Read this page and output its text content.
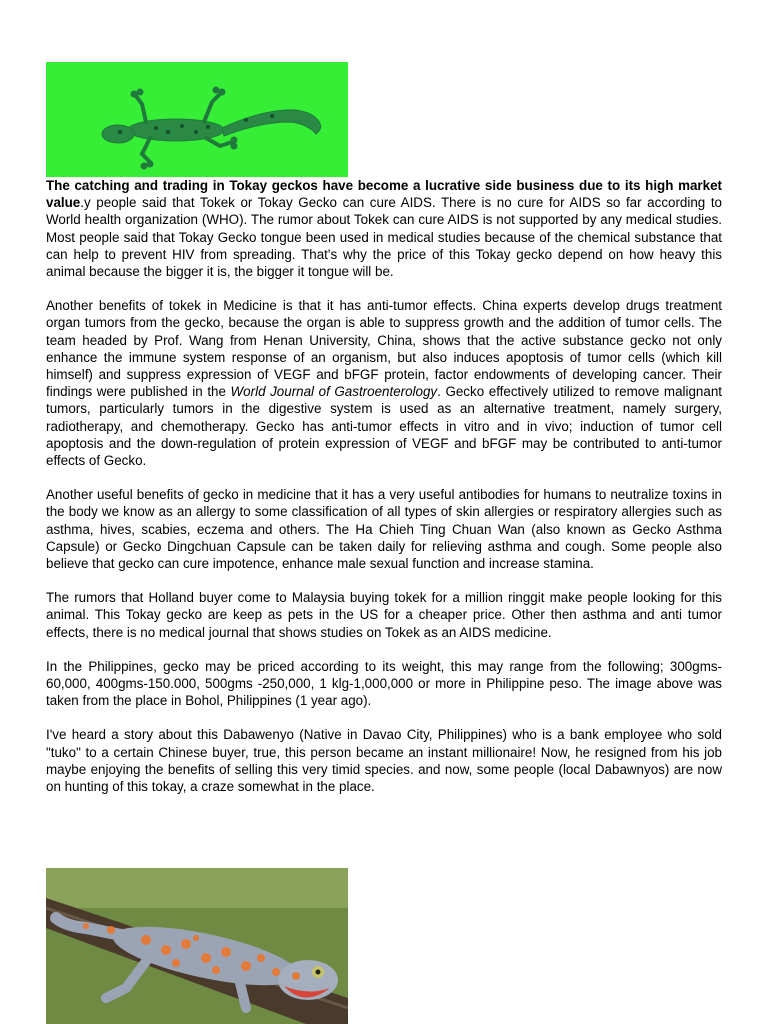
The catching and trading in Tokay geckos have become a lucrative side business due to its high market value.y people said that Tokek or Tokay Gecko can cure AIDS. There is no cure for AIDS so far according to World health organization (WHO). The rumor about Tokek can cure AIDS is not supported by any medical studies. Most people said that Tokay Gecko tongue been used in medical studies because of the chemical substance that can help to prevent HIV from spreading. That's why the price of this Tokay gecko depend on how heavy this animal because the bigger it is, the bigger it tongue will be.

Another benefits of tokek in Medicine is that it has anti-tumor effects. China experts develop drugs treatment organ tumors from the gecko, because the organ is able to suppress growth and the addition of tumor cells. The team headed by Prof. Wang from Henan University, China, shows that the active substance gecko not only enhance the immune system response of an organism, but also induces apoptosis of tumor cells (which kill himself) and suppress expression of VEGF and bFGF protein, factor endowments of developing cancer. Their findings were published in the World Journal of Gastroenterology. Gecko effectively utilized to remove malignant tumors, particularly tumors in the digestive system is used as an alternative treatment, namely surgery, radiotherapy, and chemotherapy. Gecko has anti-tumor effects in vitro and in vivo; induction of tumor cell apoptosis and the down-regulation of protein expression of VEGF and bFGF may be contributed to anti-tumor effects of Gecko.

Another useful benefits of gecko in medicine that it has a very useful antibodies for humans to neutralize toxins in the body we know as an allergy to some classification of all types of skin allergies or respiratory allergies such as asthma, hives, scabies, eczema and others. The Ha Chieh Ting Chuan Wan (also known as Gecko Asthma Capsule) or Gecko Dingchuan Capsule can be taken daily for relieving asthma and cough. Some people also believe that gecko can cure impotence, enhance male sexual function and increase stamina.

The rumors that Holland buyer come to Malaysia buying tokek for a million ringgit make people looking for this animal. This Tokay gecko are keep as pets in the US for a cheaper price. Other then asthma and anti tumor effects, there is no medical journal that shows studies on Tokek as an AIDS medicine.

In the Philippines, gecko may be priced according to its weight, this may range from the following; 300gms-60,000, 400gms-150.000, 500gms -250,000, 1 klg-1,000,000 or more in Philippine peso. The image above was taken from the place in Bohol, Philippines (1 year ago).

I've heard a story about this Dabawenyo (Native in Davao City, Philippines) who is a bank employee who sold "tuko" to a certain Chinese buyer, true, this person became an instant millionaire! Now, he resigned from his job maybe enjoying the benefits of selling this very timid species. and now, some people (local Dabawnyos) are now on hunting of this tokay, a craze somewhat in the place.
